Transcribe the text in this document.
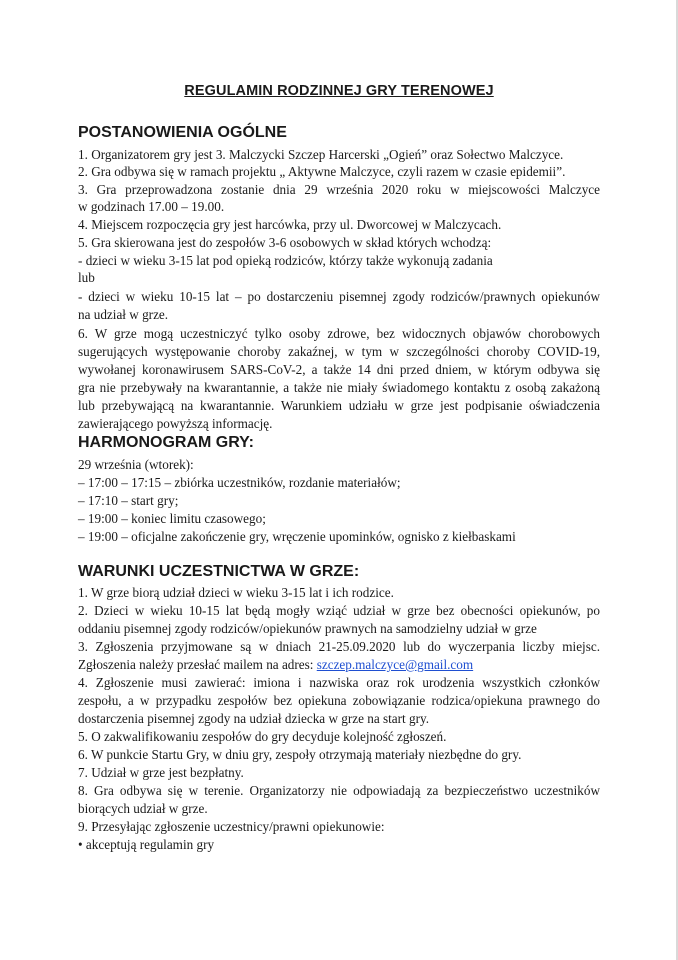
REGULAMIN RODZINNEJ GRY TERENOWEJ
POSTANOWIENIA OGÓLNE
1. Organizatorem gry jest 3. Malczycki Szczep Harcerski „Ogień” oraz Sołectwo Malczyce.
2. Gra odbywa się w ramach projektu „ Aktywne Malczyce, czyli razem w czasie epidemii”.
3. Gra przeprowadzona zostanie dnia 29 września 2020 roku w miejscowości Malczyce
w godzinach 17.00 – 19.00.
4. Miejscem rozpoczęcia gry jest harcówka, przy ul. Dworcowej w Malczycach.
5. Gra skierowana jest do zespołów 3-6 osobowych w skład których wchodzą:
- dzieci w wieku 3-15 lat pod opieką rodziców, którzy także wykonują zadania
lub
- dzieci w wieku 10-15 lat – po dostarczeniu pisemnej zgody rodziców/prawnych opiekunów
na udział w grze.
6. W grze mogą uczestniczyć tylko osoby zdrowe, bez widocznych objawów chorobowych
sugerujących występowanie choroby zakaźnej, w tym w szczególności choroby COVID-19,
wywołanej koronawirusem SARS-CoV-2, a także 14 dni przed dniem, w którym odbywa się
gra nie przebywały na kwarantannie, a także nie miały świadomego kontaktu z osobą zakażoną
lub przebywającą na kwarantannie. Warunkiem udziału w grze jest podpisanie oświadczenia
zawierającego powyższą informację.
HARMONOGRAM GRY:
29 września (wtorek):
– 17:00 – 17:15 – zbiórka uczestników, rozdanie materiałów;
– 17:10 – start gry;
– 19:00 – koniec limitu czasowego;
– 19:00 – oficjalne zakończenie gry, wręczenie upominków, ognisko z kiełbaskami
WARUNKI UCZESTNICTWA W GRZE:
1. W grze biorą udział dzieci w wieku 3-15 lat i ich rodzice.
2. Dzieci w wieku 10-15 lat będą mogły wziąć udział w grze bez obecności opiekunów, po
oddaniu pisemnej zgody rodziców/opiekunów prawnych na samodzielny udział w grze
3. Zgłoszenia przyjmowane są w dniach 21-25.09.2020 lub do wyczerpania liczby miejsc.
Zgłoszenia należy przesłać mailem na adres: szczep.malczyce@gmail.com
4. Zgłoszenie musi zawierać: imiona i nazwiska oraz rok urodzenia wszystkich członków
zespołu, a w przypadku zespołów bez opiekuna zobowiązanie rodzica/opiekuna prawnego do
dostarczenia pisemnej zgody na udział dziecka w grze na start gry.
5. O zakwalifikowaniu zespołów do gry decyduje kolejność zgłoszeń.
6. W punkcie Startu Gry, w dniu gry, zespoły otrzymają materiały niezbędne do gry.
7. Udział w grze jest bezpłatny.
8. Gra odbywa się w terenie. Organizatorzy nie odpowiadają za bezpieczeństwo uczestników
biorących udział w grze.
9. Przesyłając zgłoszenie uczestnicy/prawni opiekunowie:
• akceptują regulamin gry
